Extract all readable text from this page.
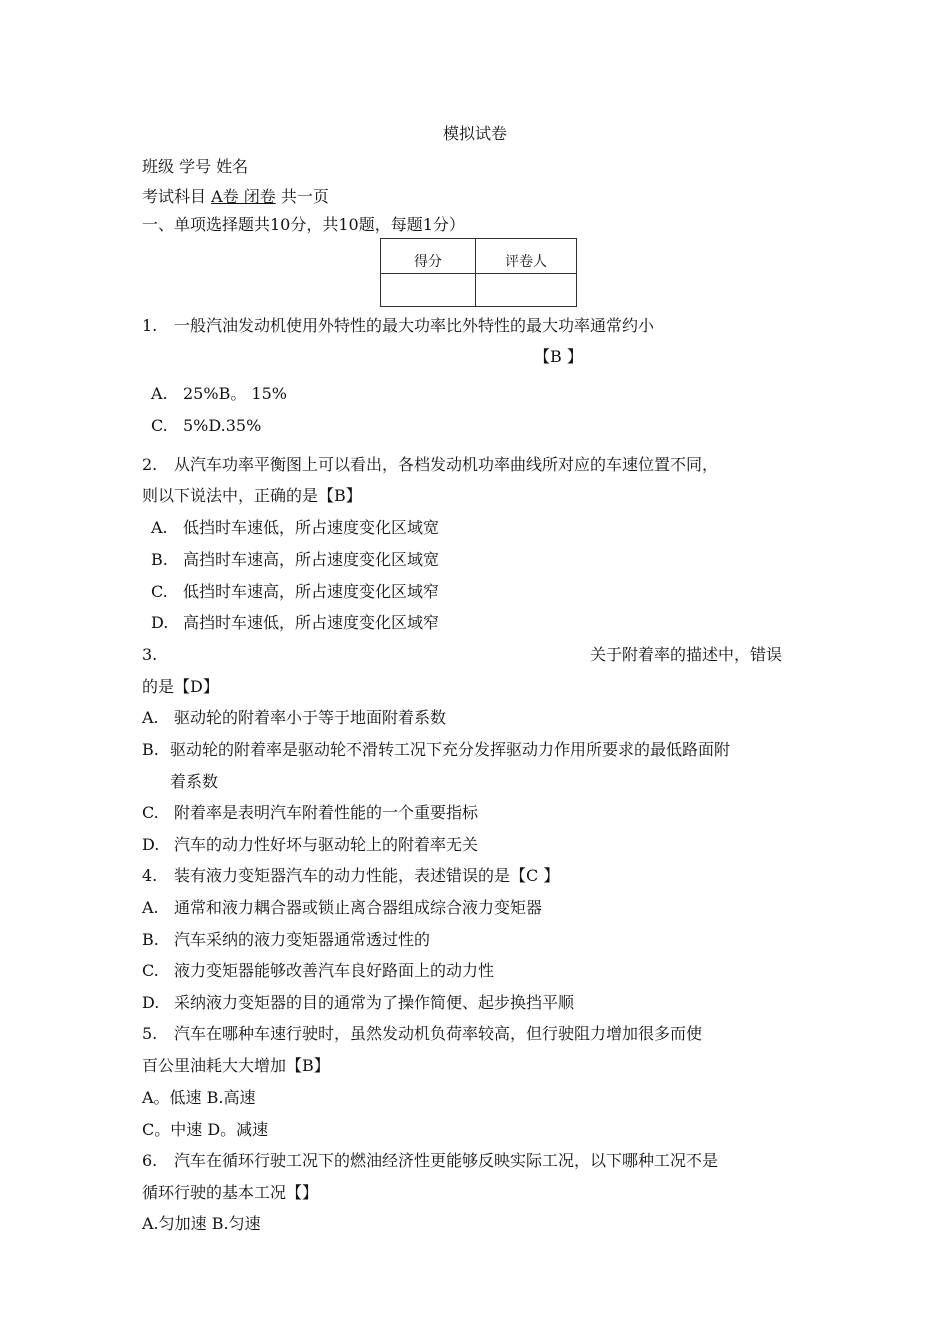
模拟试卷
班级 学号 姓名
考试科目 A卷 闭卷 共一页
一、单项选择题共10分，共10题，每题1分）
得分	评卷人

1. 一般汽油发动机使用外特性的最大功率比外特性的最大功率通常约小
【B 】
A. 25%B。 15%
C. 5%D.35%
2. 从汽车功率平衡图上可以看出，各档发动机功率曲线所对应的车速位置不同，
则以下说法中，正确的是【B】
A. 低挡时车速低，所占速度变化区域宽
B. 高挡时车速高，所占速度变化区域宽
C. 低挡时车速高，所占速度变化区域窄
D. 高挡时车速低，所占速度变化区域窄
3.	关于附着率的描述中，错误
的是【D】
A. 驱动轮的附着率小于等于地面附着系数
B. 驱动轮的附着率是驱动轮不滑转工况下充分发挥驱动力作用所要求的最低路面附
着系数
C. 附着率是表明汽车附着性能的一个重要指标
D. 汽车的动力性好坏与驱动轮上的附着率无关
4. 装有液力变矩器汽车的动力性能，表述错误的是【C 】
A. 通常和液力耦合器或锁止离合器组成综合液力变矩器
B. 汽车采纳的液力变矩器通常透过性的
C. 液力变矩器能够改善汽车良好路面上的动力性
D. 采纳液力变矩器的目的通常为了操作简便、起步换挡平顺
5. 汽车在哪种车速行驶时，虽然发动机负荷率较高，但行驶阻力增加很多而使
百公里油耗大大增加【B】
A。低速 B.高速
C。中速 D。减速
6. 汽车在循环行驶工况下的燃油经济性更能够反映实际工况，以下哪种工况不是
循环行驶的基本工况【】
A.匀加速 B.匀速
